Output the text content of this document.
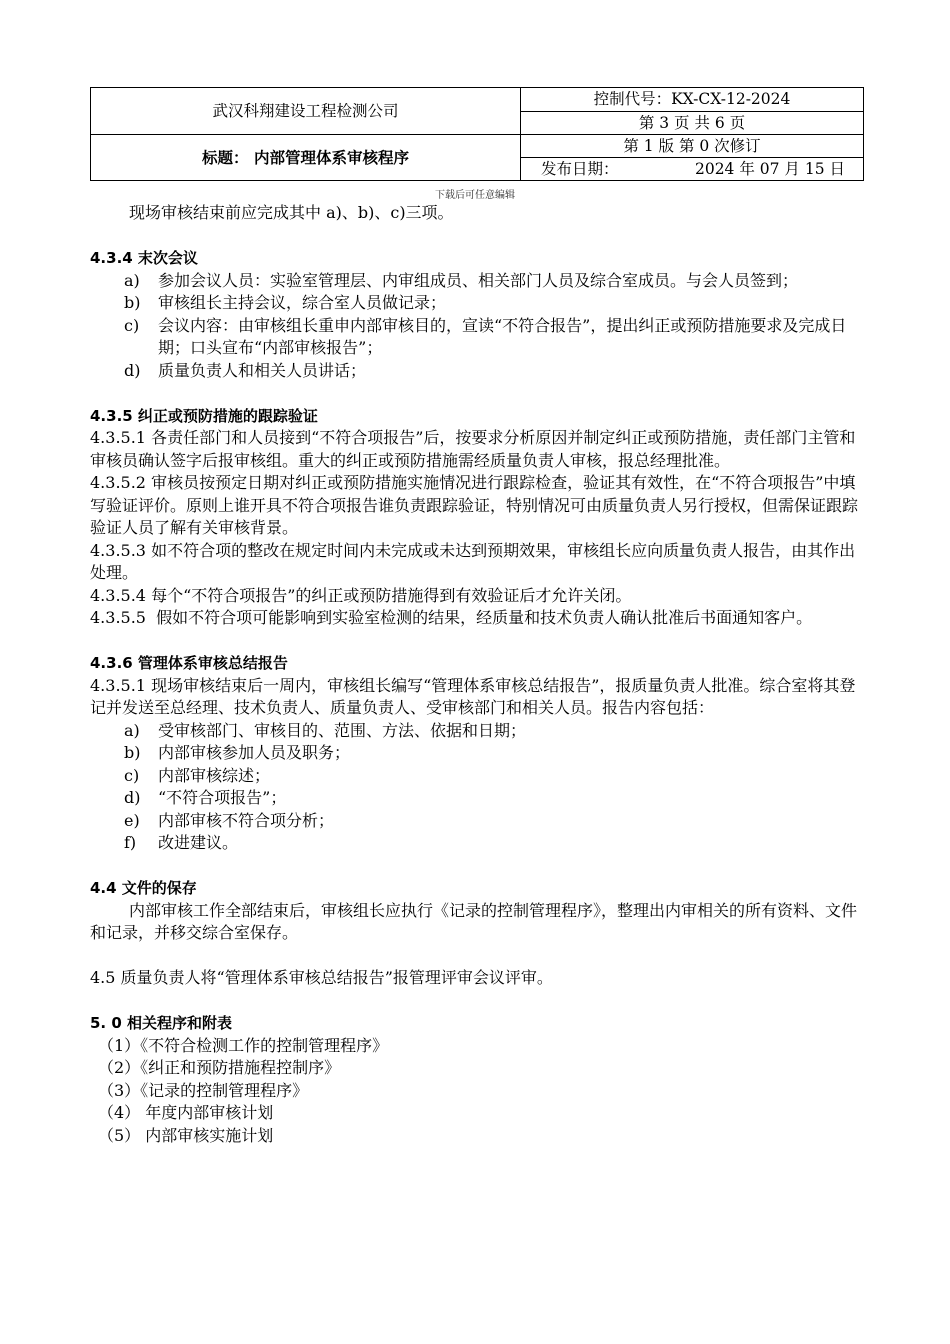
武汉科翔建设工程检测公司	控制代号：KX-CX-12-2024
	第 3 页 共 6 页
标题： 内部管理体系审核程序	第 1 版 第 0 次修订

	发布日期： 2024 年 07 月 15 日
下载后可任意编辑

现场审核结束前应完成其中 a)、b)、c)三项。

4.3.4 末次会议

a)	参加会议人员：实验室管理层、内审组成员、相关部门人员及综合室成员。与会人员签到；
b)	审核组长主持会议，综合室人员做记录；
c)	会议内容：由审核组长重申内部审核目的，宣读“不符合报告”，提出纠正或预防措施要求及完成日期；口头宣布“内部审核报告”；
d)	质量负责人和相关人员讲话；

4.3.5 纠正或预防措施的跟踪验证

4.3.5.1 各责任部门和人员接到“不符合项报告”后，按要求分析原因并制定纠正或预防措施，责任部门主管和审核员确认签字后报审核组。重大的纠正或预防措施需经质量负责人审核，报总经理批准。

4.3.5.2 审核员按预定日期对纠正或预防措施实施情况进行跟踪检查，验证其有效性，在“不符合项报告”中填写验证评价。原则上谁开具不符合项报告谁负责跟踪验证，特别情况可由质量负责人另行授权，但需保证跟踪验证人员了解有关审核背景。

4.3.5.3 如不符合项的整改在规定时间内未完成或未达到预期效果，审核组长应向质量负责人报告，由其作出处理。

4.3.5.4 每个“不符合项报告”的纠正或预防措施得到有效验证后才允许关闭。

4.3.5.5 假如不符合项可能影响到实验室检测的结果，经质量和技术负责人确认批准后书面通知客户。

4.3.6 管理体系审核总结报告

4.3.5.1 现场审核结束后一周内，审核组长编写“管理体系审核总结报告”，报质量负责人批准。综合室将其登记并发送至总经理、技术负责人、质量负责人、受审核部门和相关人员。报告内容包括：

a)	受审核部门、审核目的、范围、方法、依据和日期；
b)	内部审核参加人员及职务；
c)	内部审核综述；
d)	“不符合项报告”；
e)	内部审核不符合项分析；
f)	改进建议。

4.4 文件的保存

内部审核工作全部结束后，审核组长应执行《记录的控制管理程序》，整理出内审相关的所有资料、文件和记录，并移交综合室保存。

4.5 质量负责人将“管理体系审核总结报告”报管理评审会议评审。

5. 0 相关程序和附表

（1）《不符合检测工作的控制管理程序》

（2）《纠正和预防措施程控制序》

（3）《记录的控制管理程序》

（4） 年度内部审核计划

（5） 内部审核实施计划
